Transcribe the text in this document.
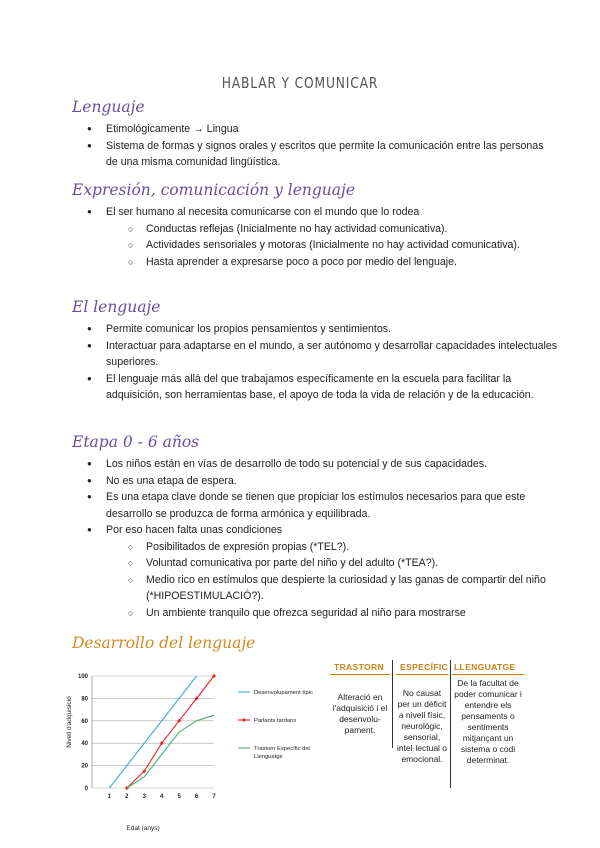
HABLAR Y COMUNICAR
Lenguaje
● Etimológicamente → Lingua
● Sistema de formas y signos orales y escritos que permite la comunicación entre las personas de una misma comunidad lingüística.
Expresión, comunicación y lenguaje
● El ser humano al necesita comunicarse con el mundo que lo rodea
○ Conductas reflejas (Inicialmente no hay actividad comunicativa).
○ Actividades sensoriales y motoras (Inicialmente no hay actividad comunicativa).
○ Hasta aprender a expresarse poco a poco por medio del lenguaje.
El lenguaje
● Permite comunicar los propios pensamientos y sentimientos.
● Interactuar para adaptarse en el mundo, a ser autónomo y desarrollar capacidades intelectuales superiores.
● El lenguaje más allá del que trabajamos específicamente en la escuela para facilitar la adquisición, son herramientas base, el apoyo de toda la vida de relación y de la educación.
Etapa 0 - 6 años
● Los niños están en vías de desarrollo de todo su potencial y de sus capacidades.
● No es una etapa de espera.
● Es una etapa clave donde se tienen que propiciar los estímulos necesarios para que este desarrollo se produzca de forma armónica y equilibrada.
● Por eso hacen falta unas condiciones
○ Posibilitados de expresión propias (*TEL?).
○ Voluntad comunicativa por parte del niño y del adulto (*TEA?).
○ Medio rico en estímulos que despierte la curiosidad y las ganas de compartir del niño (*HIPOESTIMULACIÓ?).
○ Un ambiente tranquilo que ofrezca seguridad al niño para mostrarse
Desarrollo del lenguaje
0
20
40
60
80
100
1 2 3 4 5 6 7
Edat (anys)
Nivell d'adquisició
Desenvolupament típic
Parlants tardans
Trastorn Específic del
Llenguatge
TRASTORN ESPECÍFIC LLENGUATGE
Alteració en l'adquisició i el desenvolu- pament.
No causat per un dèficit a nivell físic, neurològic, sensorial, intel·lectual o emocional.
De la facultat de poder comunicar i entendre els pensaments o sentiments mitjançant un sistema o codi determinat.
